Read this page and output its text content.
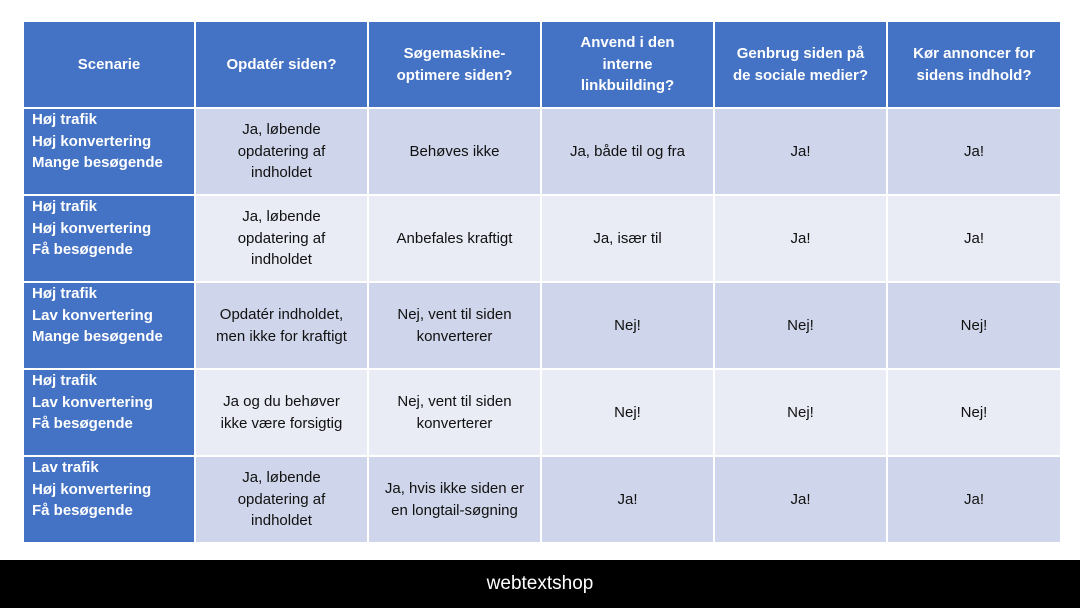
Scenarie	Opdatér siden?	Søgemaskine-
optimere siden?	Anvend i den
interne
linkbuilding?	Genbrug siden på
de sociale medier?	Kør annoncer for
sidens indhold?

Høj trafik
Høj konvertering
Mange besøgende	Ja, løbende
opdatering af
indholdet	Behøves ikke	Ja, både til og fra	Ja!	Ja!

Høj trafik
Høj konvertering
Få besøgende	Ja, løbende
opdatering af
indholdet	Anbefales kraftigt	Ja, især til	Ja!	Ja!

Høj trafik
Lav konvertering
Mange besøgende	Opdatér indholdet,
men ikke for kraftigt	Nej, vent til siden
konverterer	Nej!	Nej!	Nej!

Høj trafik
Lav konvertering
Få besøgende	Ja og du behøver
ikke være forsigtig	Nej, vent til siden
konverterer	Nej!	Nej!	Nej!

Lav trafik
Høj konvertering
Få besøgende	Ja, løbende
opdatering af
indholdet	Ja, hvis ikke siden er
en longtail-søgning	Ja!	Ja!	Ja!
webtextshop
